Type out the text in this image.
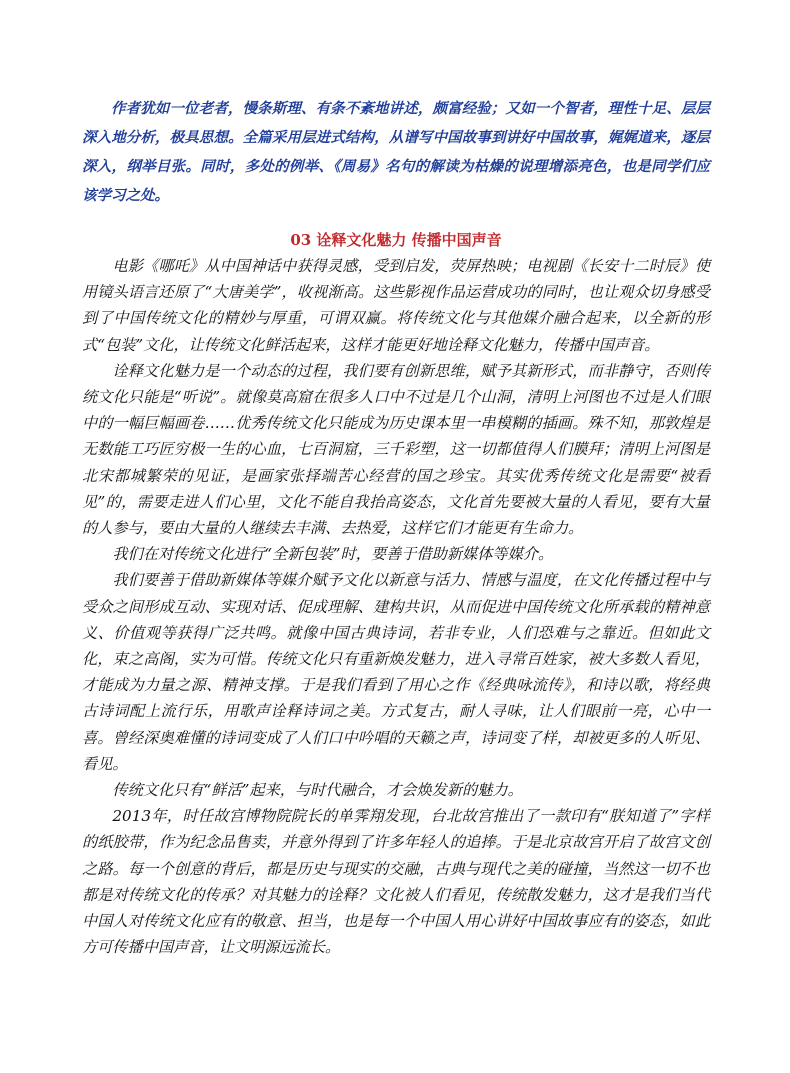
作者犹如一位老者，慢条斯理、有条不紊地讲述，颇富经验；又如一个智者，理性十足、层层深入地分析，极具思想。全篇采用层进式结构，从谱写中国故事到讲好中国故事，娓娓道来，逐层深入，纲举目张。同时，多处的例举、《周易》名句的解读为枯燥的说理增添亮色，也是同学们应该学习之处。

03 诠释文化魅力 传播中国声音

电影《哪吒》从中国神话中获得灵感，受到启发，荧屏热映；电视剧《长安十二时辰》使用镜头语言还原了“大唐美学”，收视渐高。这些影视作品运营成功的同时，也让观众切身感受到了中国传统文化的精妙与厚重，可谓双赢。将传统文化与其他媒介融合起来，以全新的形式“包装”文化，让传统文化鲜活起来，这样才能更好地诠释文化魅力，传播中国声音。

诠释文化魅力是一个动态的过程，我们要有创新思维，赋予其新形式，而非静守，否则传统文化只能是“听说”。就像莫高窟在很多人口中不过是几个山洞，清明上河图也不过是人们眼中的一幅巨幅画卷……优秀传统文化只能成为历史课本里一串模糊的插画。殊不知，那敦煌是无数能工巧匠穷极一生的心血，七百洞窟，三千彩塑，这一切都值得人们膜拜；清明上河图是北宋都城繁荣的见证，是画家张择端苦心经营的国之珍宝。其实优秀传统文化是需要“被看见”的，需要走进人们心里，文化不能自我抬高姿态，文化首先要被大量的人看见，要有大量的人参与，要由大量的人继续去丰满、去热爱，这样它们才能更有生命力。

我们在对传统文化进行“全新包装”时，要善于借助新媒体等媒介。

我们要善于借助新媒体等媒介赋予文化以新意与活力、情感与温度，在文化传播过程中与受众之间形成互动、实现对话、促成理解、建构共识，从而促进中国传统文化所承载的精神意义、价值观等获得广泛共鸣。就像中国古典诗词，若非专业，人们恐难与之靠近。但如此文化，束之高阁，实为可惜。传统文化只有重新焕发魅力，进入寻常百姓家，被大多数人看见，才能成为力量之源、精神支撑。于是我们看到了用心之作《经典咏流传》，和诗以歌，将经典古诗词配上流行乐，用歌声诠释诗词之美。方式复古，耐人寻味，让人们眼前一亮，心中一喜。曾经深奥难懂的诗词变成了人们口中吟唱的天籁之声，诗词变了样，却被更多的人听见、看见。

传统文化只有“鲜活”起来，与时代融合，才会焕发新的魅力。

2013年，时任故宫博物院院长的单霁翔发现，台北故宫推出了一款印有“朕知道了”字样的纸胶带，作为纪念品售卖，并意外得到了许多年轻人的追捧。于是北京故宫开启了故宫文创之路。每一个创意的背后，都是历史与现实的交融，古典与现代之美的碰撞，当然这一切不也都是对传统文化的传承？对其魅力的诠释？文化被人们看见，传统散发魅力，这才是我们当代中国人对传统文化应有的敬意、担当，也是每一个中国人用心讲好中国故事应有的姿态，如此方可传播中国声音，让文明源远流长。
